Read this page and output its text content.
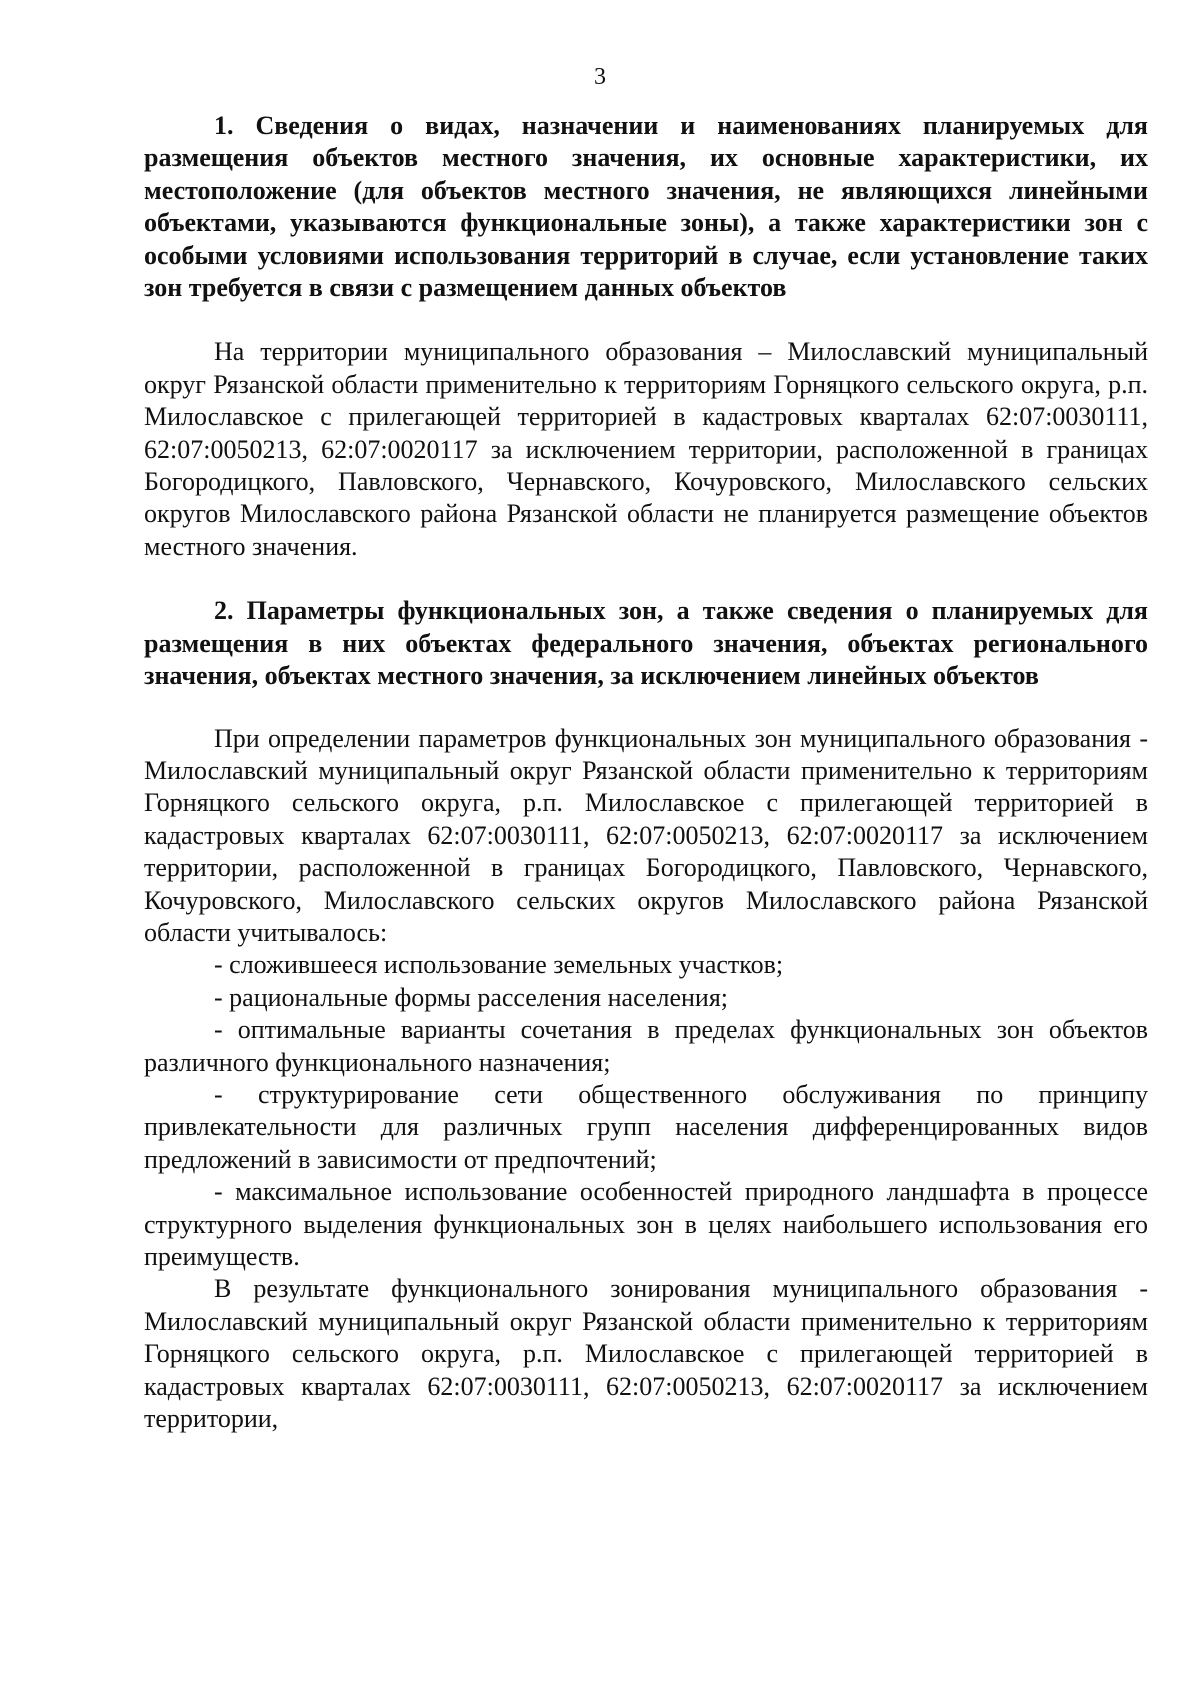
3

1. Сведения о видах, назначении и наименованиях планируемых для размещения объектов местного значения, их основные характеристики, их местоположение (для объектов местного значения, не являющихся линейными объектами, указываются функциональные зоны), а также характеристики зон с особыми условиями использования территорий в случае, если установление таких зон требуется в связи с размещением данных объектов

На территории муниципального образования – Милославский муниципальный округ Рязанской области применительно к территориям Горняцкого сельского округа, р.п. Милославское с прилегающей территорией в кадастровых кварталах 62:07:0030111, 62:07:0050213, 62:07:0020117 за исключением территории, расположенной в границах Богородицкого, Павловского, Чернавского, Кочуровского, Милославского сельских округов Милославского района Рязанской области не планируется размещение объектов местного значения.

2. Параметры функциональных зон, а также сведения о планируемых для размещения в них объектах федерального значения, объектах регионального значения, объектах местного значения, за исключением линейных объектов

При определении параметров функциональных зон муниципального образования - Милославский муниципальный округ Рязанской области применительно к территориям Горняцкого сельского округа, р.п. Милославское с прилегающей территорией в кадастровых кварталах 62:07:0030111, 62:07:0050213, 62:07:0020117 за исключением территории, расположенной в границах Богородицкого, Павловского, Чернавского, Кочуровского, Милославского сельских округов Милославского района Рязанской области учитывалось:

- сложившееся использование земельных участков;

- рациональные формы расселения населения;

- оптимальные варианты сочетания в пределах функциональных зон объектов различного функционального назначения;

- структурирование сети общественного обслуживания по принципу привлекательности для различных групп населения дифференцированных видов предложений в зависимости от предпочтений;

- максимальное использование особенностей природного ландшафта в процессе структурного выделения функциональных зон в целях наибольшего использования его преимуществ.

В результате функционального зонирования муниципального образования - Милославский муниципальный округ Рязанской области применительно к территориям Горняцкого сельского округа, р.п. Милославское с прилегающей территорией в кадастровых кварталах 62:07:0030111, 62:07:0050213, 62:07:0020117 за исключением территории,
